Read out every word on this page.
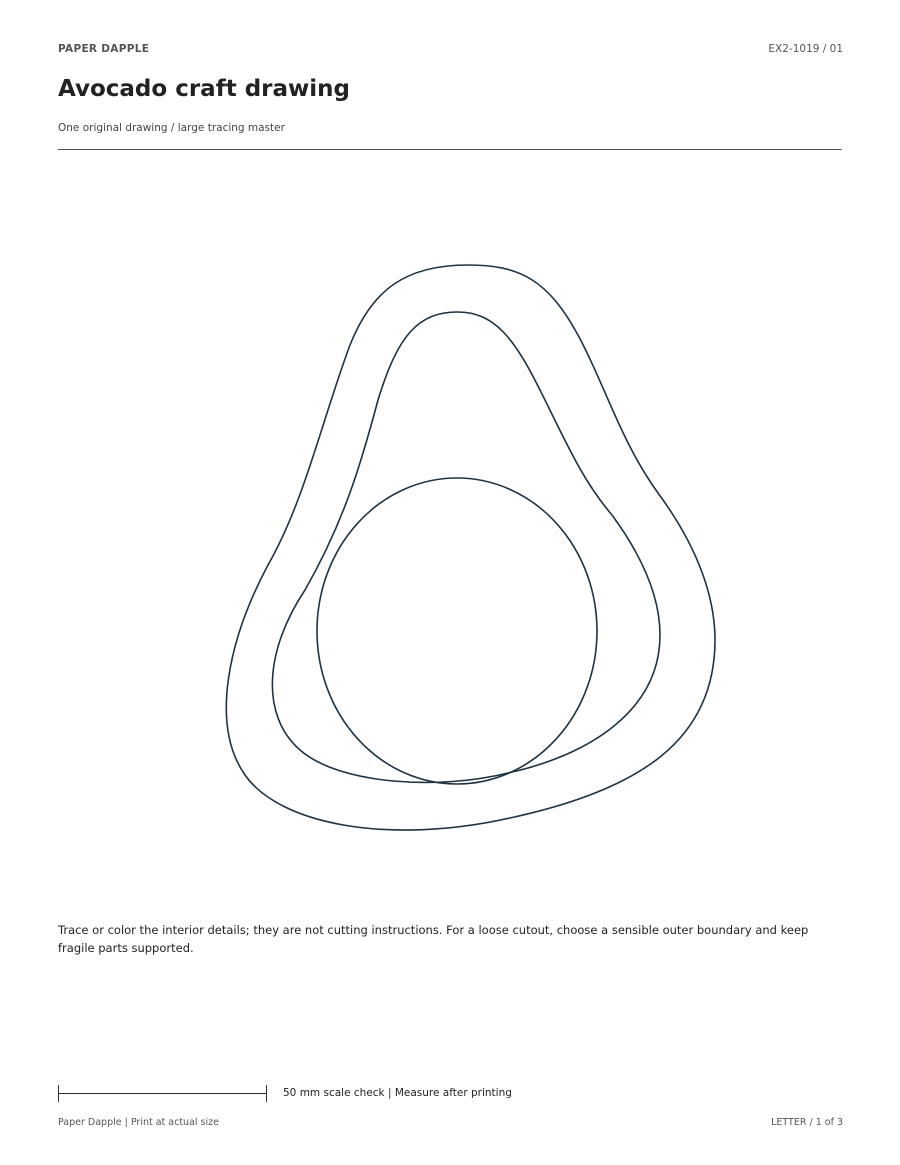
PAPER DAPPLE	EX2-1019 / 01
Avocado craft drawing
One original drawing / large tracing master
Trace or color the interior details; they are not cutting instructions. For a loose cutout, choose a sensible outer boundary and keep fragile parts supported.
50 mm scale check | Measure after printing
Paper Dapple | Print at actual size	LETTER / 1 of 3
